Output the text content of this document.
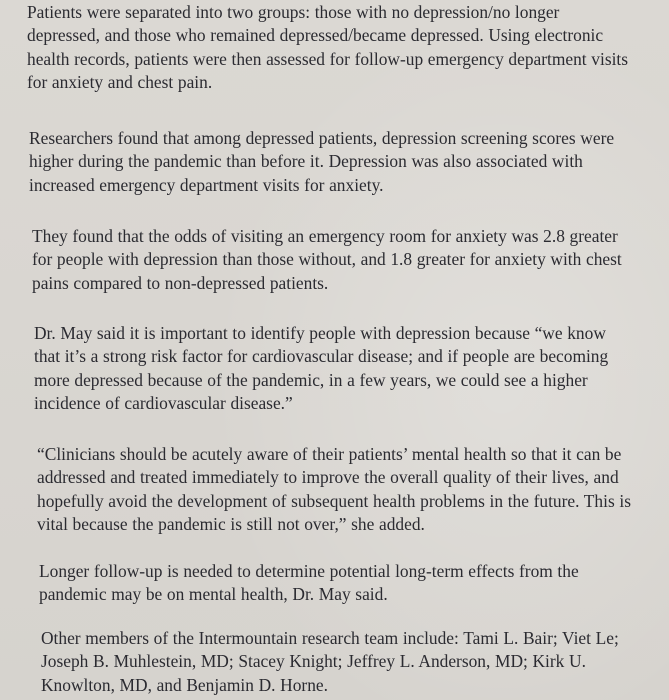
Patients were separated into two groups: those with no depression/no longer
depressed, and those who remained depressed/became depressed. Using electronic
health records, patients were then assessed for follow-up emergency department visits
for anxiety and chest pain.

Researchers found that among depressed patients, depression screening scores were
higher during the pandemic than before it. Depression was also associated with
increased emergency department visits for anxiety.

They found that the odds of visiting an emergency room for anxiety was 2.8 greater
for people with depression than those without, and 1.8 greater for anxiety with chest
pains compared to non-depressed patients.

Dr. May said it is important to identify people with depression because “we know
that it’s a strong risk factor for cardiovascular disease; and if people are becoming
more depressed because of the pandemic, in a few years, we could see a higher
incidence of cardiovascular disease.”

“Clinicians should be acutely aware of their patients’ mental health so that it can be
addressed and treated immediately to improve the overall quality of their lives, and
hopefully avoid the development of subsequent health problems in the future. This is
vital because the pandemic is still not over,” she added.

Longer follow-up is needed to determine potential long-term effects from the
pandemic may be on mental health, Dr. May said.

Other members of the Intermountain research team include: Tami L. Bair; Viet Le;
Joseph B. Muhlestein, MD; Stacey Knight; Jeffrey L. Anderson, MD; Kirk U.
Knowlton, MD, and Benjamin D. Horne.
